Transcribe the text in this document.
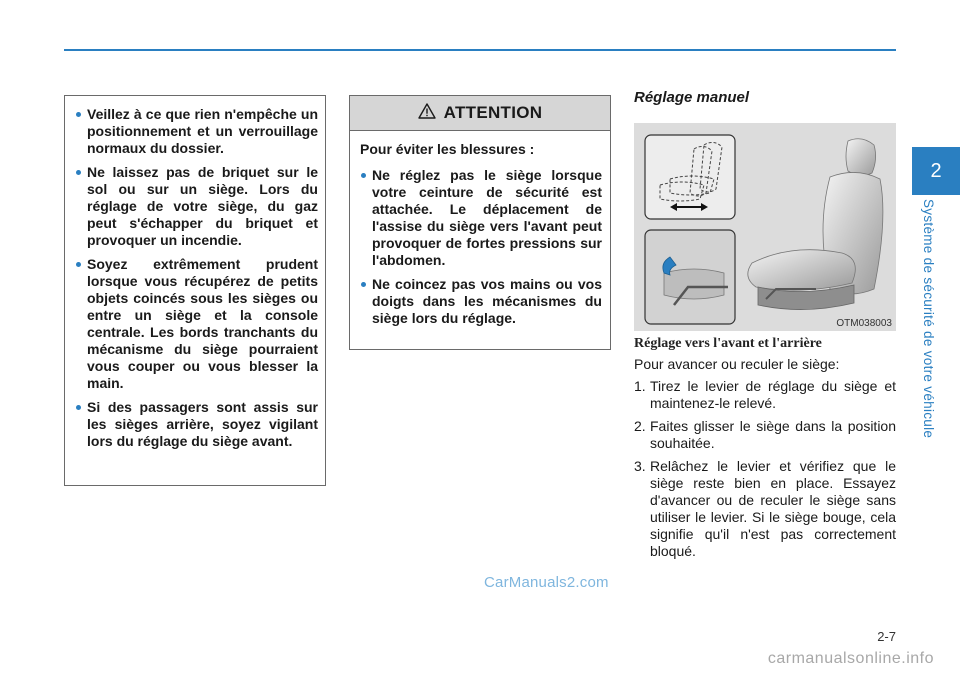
Veillez à ce que rien n'empêche un positionnement et un verrouillage normaux du dossier.
Ne laissez pas de briquet sur le sol ou sur un siège. Lors du réglage de votre siège, du gaz peut s'échapper du briquet et provoquer un incendie.
Soyez extrêmement prudent lorsque vous récupérez de petits objets coincés sous les sièges ou entre un siège et la console centrale. Les bords tranchants du mécanisme du siège pourraient vous couper ou vous blesser la main.
Si des passagers sont assis sur les sièges arrière, soyez vigilant lors du réglage du siège avant.
ATTENTION

Pour éviter les blessures :

Ne réglez pas le siège lorsque votre ceinture de sécurité est attachée. Le déplacement de l'assise du siège vers l'avant peut provoquer de fortes pressions sur l'abdomen.
Ne coincez pas vos mains ou vos doigts dans les mécanismes du siège lors du réglage.
Réglage manuel
OTM038003
Réglage vers l'avant et l'arrière

Pour avancer ou reculer le siège:

1. Tirez le levier de réglage du siège et maintenez-le relevé.
2. Faites glisser le siège dans la position souhaitée.
3. Relâchez le levier et vérifiez que le siège reste bien en place. Essayez d'avancer ou de reculer le siège sans utiliser le levier. Si le siège bouge, cela signifie qu'il n'est pas correctement bloqué.
CarManuals2.com
2-7
carmanualsonline.info
2
Système de sécurité de votre véhicule
